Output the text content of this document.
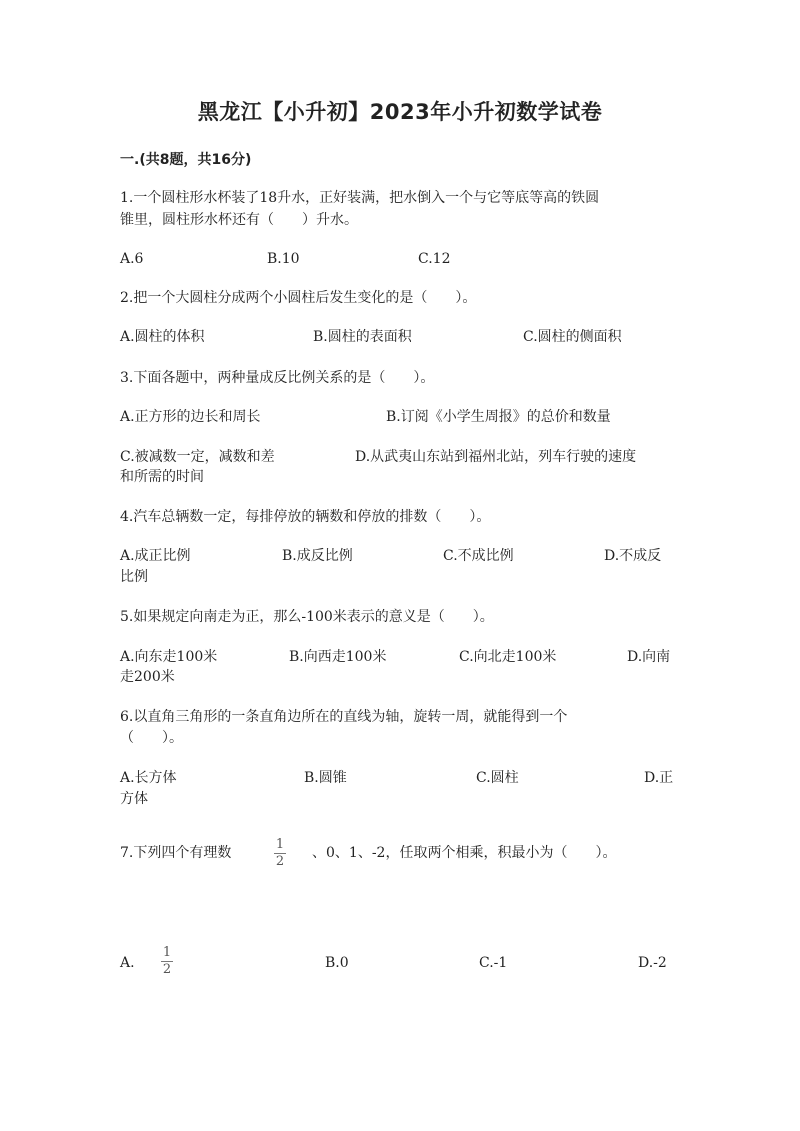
黑龙江【小升初】2023年小升初数学试卷
一.(共8题，共16分)
1.一个圆柱形水杯装了18升水，正好装满，把水倒入一个与它等底等高的铁圆
锥里，圆柱形水杯还有（　　）升水。
A.6	B.10	C.12
2.把一个大圆柱分成两个小圆柱后发生变化的是（　　）。
A.圆柱的体积	B.圆柱的表面积	C.圆柱的侧面积
3.下面各题中，两种量成反比例关系的是（　　）。
A.正方形的边长和周长	B.订阅《小学生周报》的总价和数量
C.被减数一定，减数和差	D.从武夷山东站到福州北站，列车行驶的速度
和所需的时间
4.汽车总辆数一定，每排停放的辆数和停放的排数（　　）。
A.成正比例	B.成反比例	C.不成比例	D.不成反
比例
5.如果规定向南走为正，那么-100米表示的意义是（　　）。
A.向东走100米	B.向西走100米	C.向北走100米	D.向南
走200米
6.以直角三角形的一条直角边所在的直线为轴，旋转一周，就能得到一个
（　　）。
A.长方体	B.圆锥	C.圆柱	D.正
方体
7.下列四个有理数
1
2
、0、1、-2，任取两个相乘，积最小为（　　）。
A.
1
2	B.0	C.-1	D.-2
